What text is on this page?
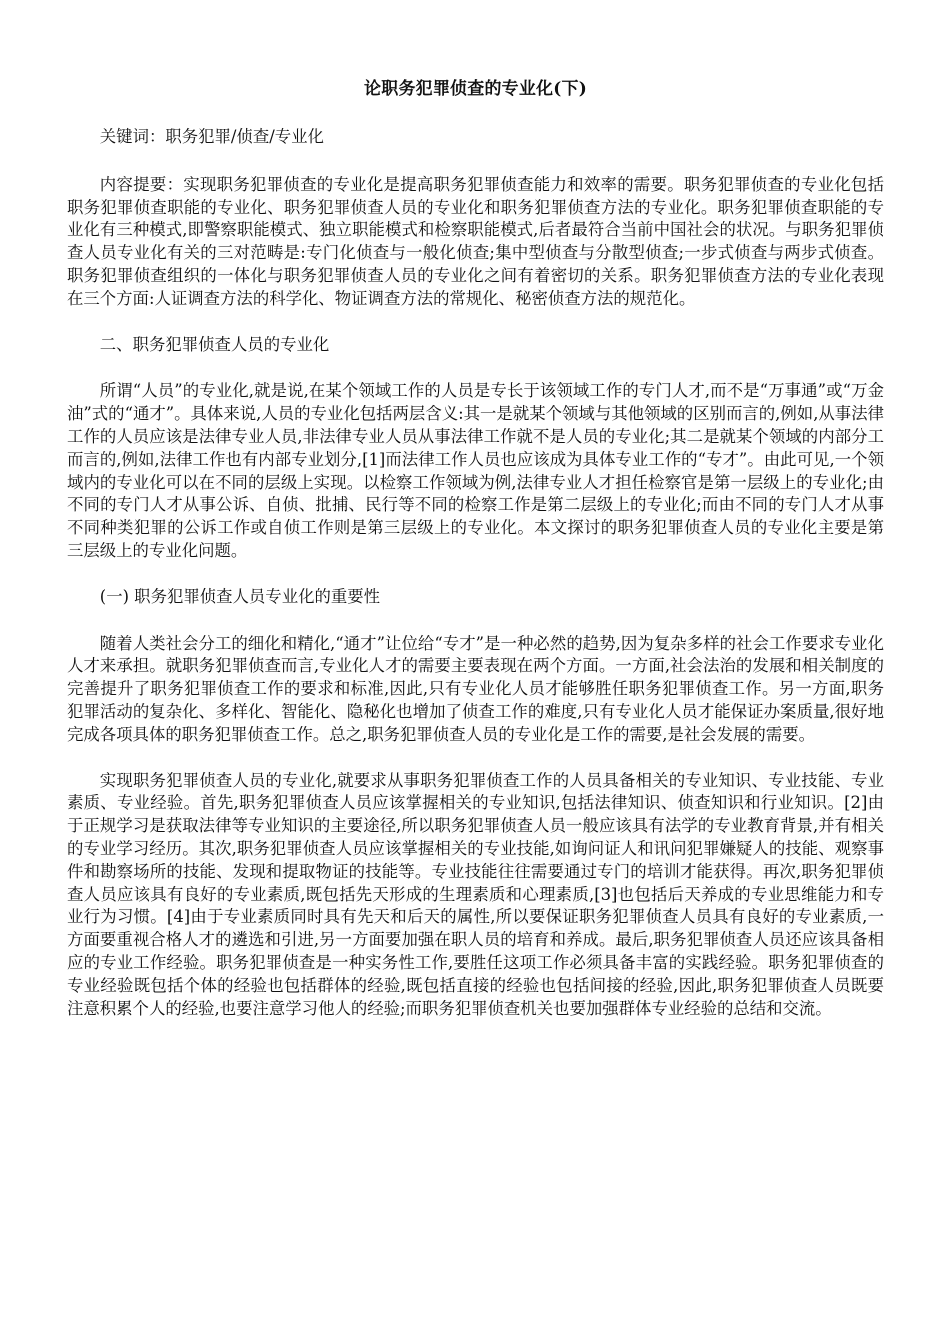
论职务犯罪侦查的专业化(下)

关键词：职务犯罪/侦查/专业化

内容提要：实现职务犯罪侦查的专业化是提高职务犯罪侦查能力和效率的需要。职务犯罪侦查的专业化包括职务犯罪侦查职能的专业化、职务犯罪侦查人员的专业化和职务犯罪侦查方法的专业化。职务犯罪侦查职能的专业化有三种模式,即警察职能模式、独立职能模式和检察职能模式,后者最符合当前中国社会的状况。与职务犯罪侦查人员专业化有关的三对范畴是:专门化侦查与一般化侦查;集中型侦查与分散型侦查;一步式侦查与两步式侦查。职务犯罪侦查组织的一体化与职务犯罪侦查人员的专业化之间有着密切的关系。职务犯罪侦查方法的专业化表现在三个方面:人证调查方法的科学化、物证调查方法的常规化、秘密侦查方法的规范化。

二、职务犯罪侦查人员的专业化

所谓“人员”的专业化,就是说,在某个领域工作的人员是专长于该领域工作的专门人才,而不是“万事通”或“万金油”式的“通才”。具体来说,人员的专业化包括两层含义:其一是就某个领域与其他领域的区别而言的,例如,从事法律工作的人员应该是法律专业人员,非法律专业人员从事法律工作就不是人员的专业化;其二是就某个领域的内部分工而言的,例如,法律工作也有内部专业划分,[1]而法律工作人员也应该成为具体专业工作的“专才”。由此可见,一个领域内的专业化可以在不同的层级上实现。以检察工作领域为例,法律专业人才担任检察官是第一层级上的专业化;由不同的专门人才从事公诉、自侦、批捕、民行等不同的检察工作是第二层级上的专业化;而由不同的专门人才从事不同种类犯罪的公诉工作或自侦工作则是第三层级上的专业化。本文探讨的职务犯罪侦查人员的专业化主要是第三层级上的专业化问题。

(一) 职务犯罪侦查人员专业化的重要性

随着人类社会分工的细化和精化,“通才”让位给“专才”是一种必然的趋势,因为复杂多样的社会工作要求专业化人才来承担。就职务犯罪侦查而言,专业化人才的需要主要表现在两个方面。一方面,社会法治的发展和相关制度的完善提升了职务犯罪侦查工作的要求和标准,因此,只有专业化人员才能够胜任职务犯罪侦查工作。另一方面,职务犯罪活动的复杂化、多样化、智能化、隐秘化也增加了侦查工作的难度,只有专业化人员才能保证办案质量,很好地完成各项具体的职务犯罪侦查工作。总之,职务犯罪侦查人员的专业化是工作的需要,是社会发展的需要。

实现职务犯罪侦查人员的专业化,就要求从事职务犯罪侦查工作的人员具备相关的专业知识、专业技能、专业素质、专业经验。首先,职务犯罪侦查人员应该掌握相关的专业知识,包括法律知识、侦查知识和行业知识。[2]由于正规学习是获取法律等专业知识的主要途径,所以职务犯罪侦查人员一般应该具有法学的专业教育背景,并有相关的专业学习经历。其次,职务犯罪侦查人员应该掌握相关的专业技能,如询问证人和讯问犯罪嫌疑人的技能、观察事件和勘察场所的技能、发现和提取物证的技能等。专业技能往往需要通过专门的培训才能获得。再次,职务犯罪侦查人员应该具有良好的专业素质,既包括先天形成的生理素质和心理素质,[3]也包括后天养成的专业思维能力和专业行为习惯。[4]由于专业素质同时具有先天和后天的属性,所以要保证职务犯罪侦查人员具有良好的专业素质,一方面要重视合格人才的遴选和引进,另一方面要加强在职人员的培育和养成。最后,职务犯罪侦查人员还应该具备相应的专业工作经验。职务犯罪侦查是一种实务性工作,要胜任这项工作必须具备丰富的实践经验。职务犯罪侦查的专业经验既包括个体的经验也包括群体的经验,既包括直接的经验也包括间接的经验,因此,职务犯罪侦查人员既要注意积累个人的经验,也要注意学习他人的经验;而职务犯罪侦查机关也要加强群体专业经验的总结和交流。
